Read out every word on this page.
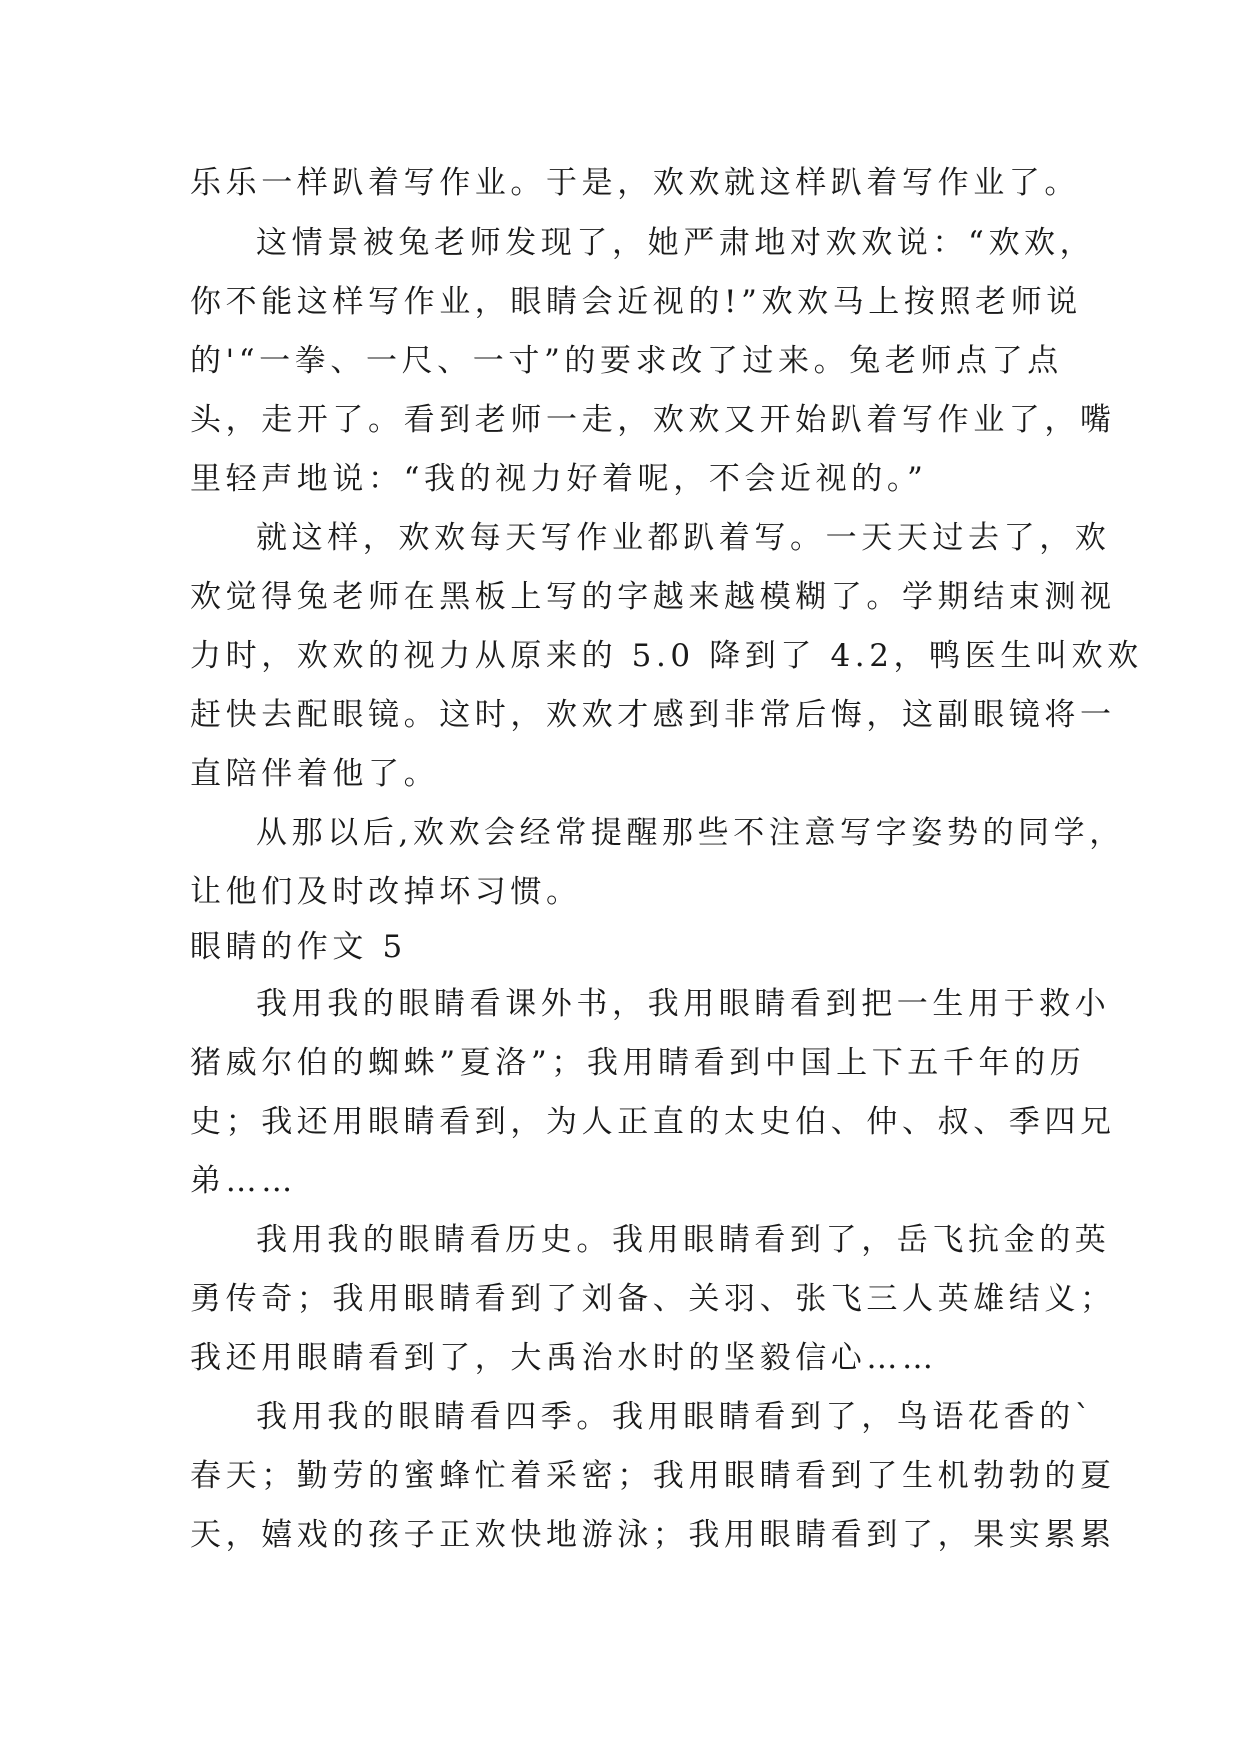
乐乐一样趴着写作业。于是，欢欢就这样趴着写作业了。
这情景被兔老师发现了，她严肃地对欢欢说：“欢欢，
你不能这样写作业，眼睛会近视的!”欢欢马上按照老师说
的'“一拳、一尺、一寸”的要求改了过来。兔老师点了点
头，走开了。看到老师一走，欢欢又开始趴着写作业了，嘴
里轻声地说：“我的视力好着呢，不会近视的。”
就这样，欢欢每天写作业都趴着写。一天天过去了，欢
欢觉得兔老师在黑板上写的字越来越模糊了。学期结束测视
力时，欢欢的视力从原来的 5.0 降到了 4.2，鸭医生叫欢欢
赶快去配眼镜。这时，欢欢才感到非常后悔，这副眼镜将一
直陪伴着他了。
从那以后,欢欢会经常提醒那些不注意写字姿势的同学，
让他们及时改掉坏习惯。
眼睛的作文 5
我用我的眼睛看课外书，我用眼睛看到把一生用于救小
猪威尔伯的蜘蛛”夏洛”；我用睛看到中国上下五千年的历
史；我还用眼睛看到，为人正直的太史伯、仲、叔、季四兄
弟……
我用我的眼睛看历史。我用眼睛看到了，岳飞抗金的英
勇传奇；我用眼睛看到了刘备、关羽、张飞三人英雄结义；
我还用眼睛看到了，大禹治水时的坚毅信心……
我用我的眼睛看四季。我用眼睛看到了，鸟语花香的`
春天；勤劳的蜜蜂忙着采密；我用眼睛看到了生机勃勃的夏
天，嬉戏的孩子正欢快地游泳；我用眼睛看到了，果实累累
